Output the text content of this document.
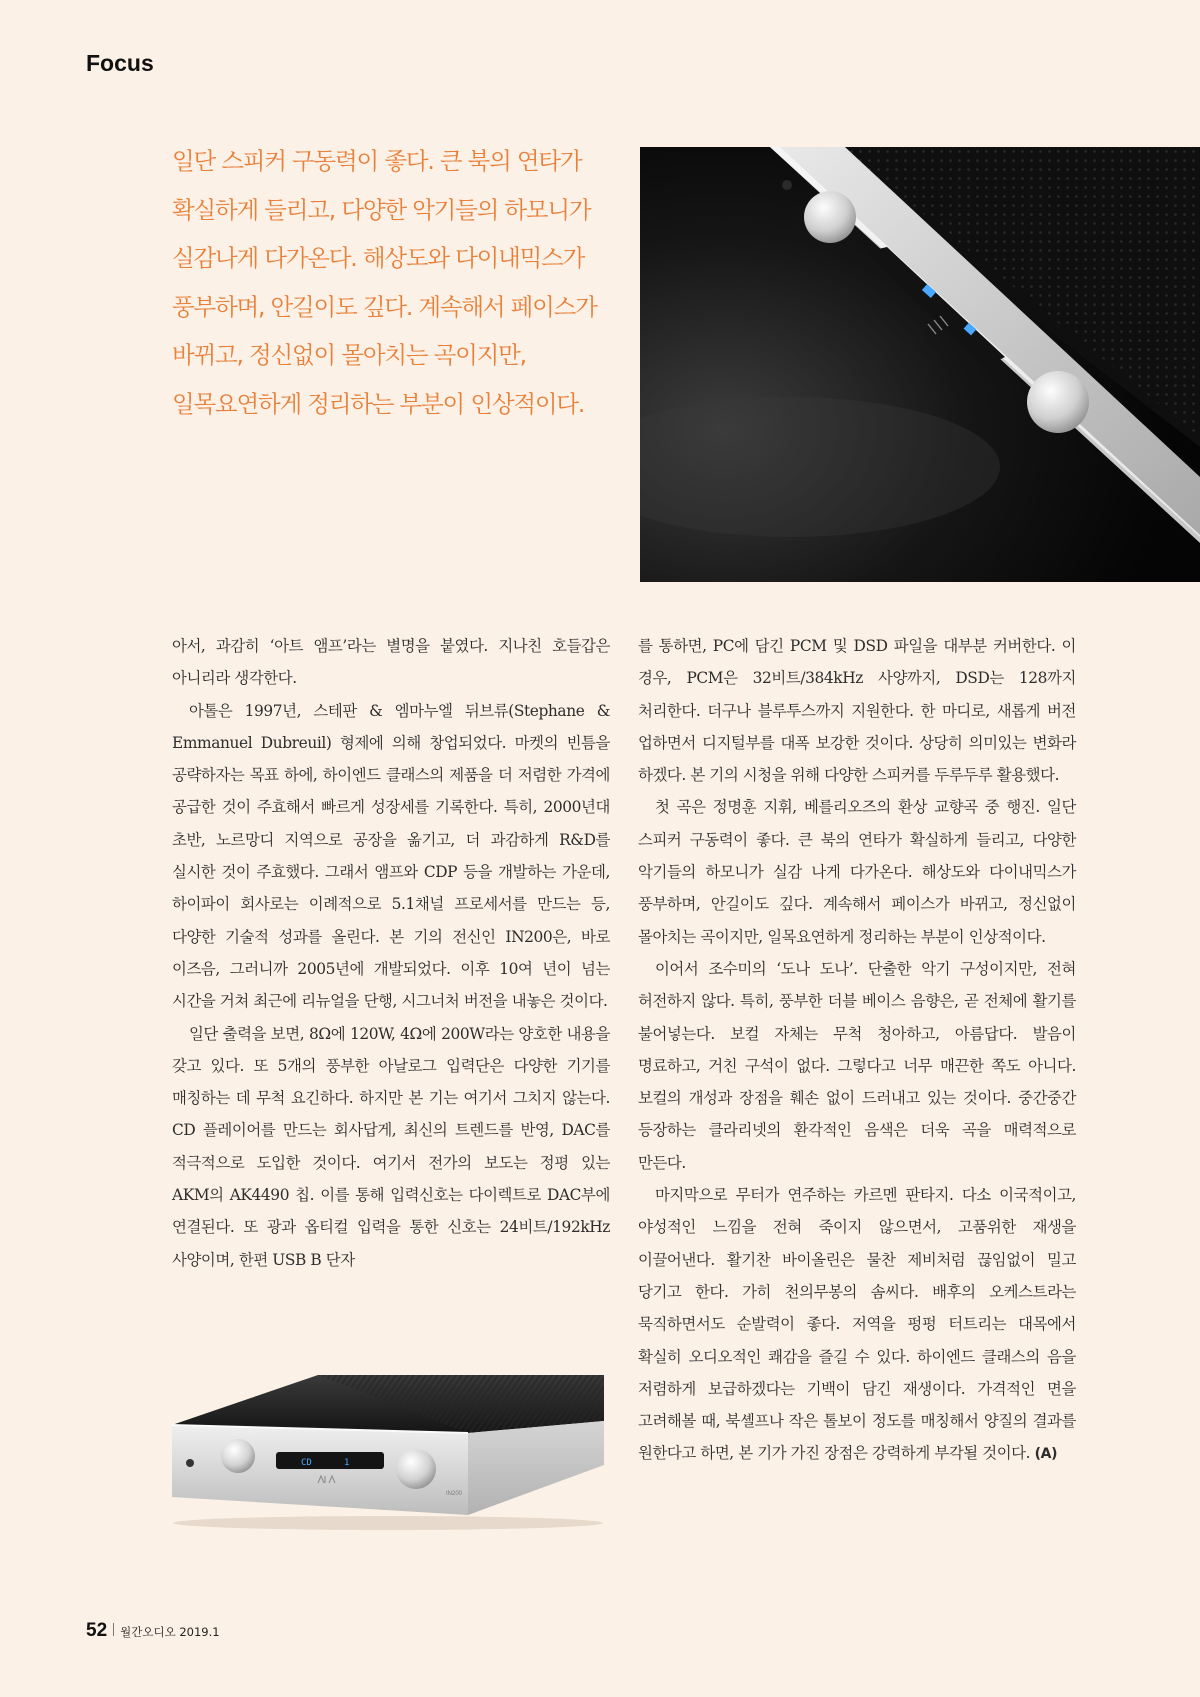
Focus
일단 스피커 구동력이 좋다. 큰 북의 연타가 확실하게 들리고, 다양한 악기들의 하모니가 실감나게 다가온다. 해상도와 다이내믹스가 풍부하며, 안길이도 깊다. 계속해서 페이스가 바뀌고, 정신없이 몰아치는 곡이지만, 일목요연하게 정리하는 부분이 인상적이다.

아서, 과감히 ‘아트 앰프’라는 별명을 붙였다. 지나친 호들갑은 아니리라 생각한다.

아톨은 1997년, 스테판 & 엠마누엘 뒤브류(Stephane & Emmanuel Dubreuil) 형제에 의해 창업되었다. 마켓의 빈틈을 공략하자는 목표 하에, 하이엔드 클래스의 제품을 더 저렴한 가격에 공급한 것이 주효해서 빠르게 성장세를 기록한다. 특히, 2000년대 초반, 노르망디 지역으로 공장을 옮기고, 더 과감하게 R&D를 실시한 것이 주효했다. 그래서 앰프와 CDP 등을 개발하는 가운데, 하이파이 회사로는 이례적으로 5.1채널 프로세서를 만드는 등, 다양한 기술적 성과를 올린다. 본 기의 전신인 IN200은, 바로 이즈음, 그러니까 2005년에 개발되었다. 이후 10여 년이 넘는 시간을 거쳐 최근에 리뉴얼을 단행, 시그너처 버전을 내놓은 것이다.

일단 출력을 보면, 8Ω에 120W, 4Ω에 200W라는 양호한 내용을 갖고 있다. 또 5개의 풍부한 아날로그 입력단은 다양한 기기를 매칭하는 데 무척 요긴하다. 하지만 본 기는 여기서 그치지 않는다. CD 플레이어를 만드는 회사답게, 최신의 트렌드를 반영, DAC를 적극적으로 도입한 것이다. 여기서 전가의 보도는 정평 있는 AKM의 AK4490 칩. 이를 통해 입력신호는 다이렉트로 DAC부에 연결된다. 또 광과 옵티컬 입력을 통한 신호는 24비트/192kHz 사양이며, 한편 USB B 단자

를 통하면, PC에 담긴 PCM 및 DSD 파일을 대부분 커버한다. 이 경우, PCM은 32비트/384kHz 사양까지, DSD는 128까지 처리한다. 더구나 블루투스까지 지원한다. 한 마디로, 새롭게 버전 업하면서 디지털부를 대폭 보강한 것이다. 상당히 의미있는 변화라 하겠다. 본 기의 시청을 위해 다양한 스피커를 두루두루 활용했다.

첫 곡은 정명훈 지휘, 베를리오즈의 환상 교향곡 중 행진. 일단 스피커 구동력이 좋다. 큰 북의 연타가 확실하게 들리고, 다양한 악기들의 하모니가 실감 나게 다가온다. 해상도와 다이내믹스가 풍부하며, 안길이도 깊다. 계속해서 페이스가 바뀌고, 정신없이 몰아치는 곡이지만, 일목요연하게 정리하는 부분이 인상적이다.

이어서 조수미의 ‘도나 도나’. 단출한 악기 구성이지만, 전혀 허전하지 않다. 특히, 풍부한 더블 베이스 음향은, 곧 전체에 활기를 불어넣는다. 보컬 자체는 무척 청아하고, 아름답다. 발음이 명료하고, 거친 구석이 없다. 그렇다고 너무 매끈한 쪽도 아니다. 보컬의 개성과 장점을 훼손 없이 드러내고 있는 것이다. 중간중간 등장하는 클라리넷의 환각적인 음색은 더욱 곡을 매력적으로 만든다.

마지막으로 무터가 연주하는 카르멘 판타지. 다소 이국적이고, 야성적인 느낌을 전혀 죽이지 않으면서, 고품위한 재생을 이끌어낸다. 활기찬 바이올린은 물찬 제비처럼 끊임없이 밀고 당기고 한다. 가히 천의무봉의 솜씨다. 배후의 오케스트라는 묵직하면서도 순발력이 좋다. 저역을 펑펑 터트리는 대목에서 확실히 오디오적인 쾌감을 즐길 수 있다. 하이엔드 클래스의 음을 저렴하게 보급하겠다는 기백이 담긴 재생이다. 가격적인 면을 고려해볼 때, 북셸프나 작은 톨보이 정도를 매칭해서 양질의 결과를 원한다고 하면, 본 기가 가진 장점은 강력하게 부각될 것이다. (A)

CD	1
IN200
52 월간오디오 2019.1
